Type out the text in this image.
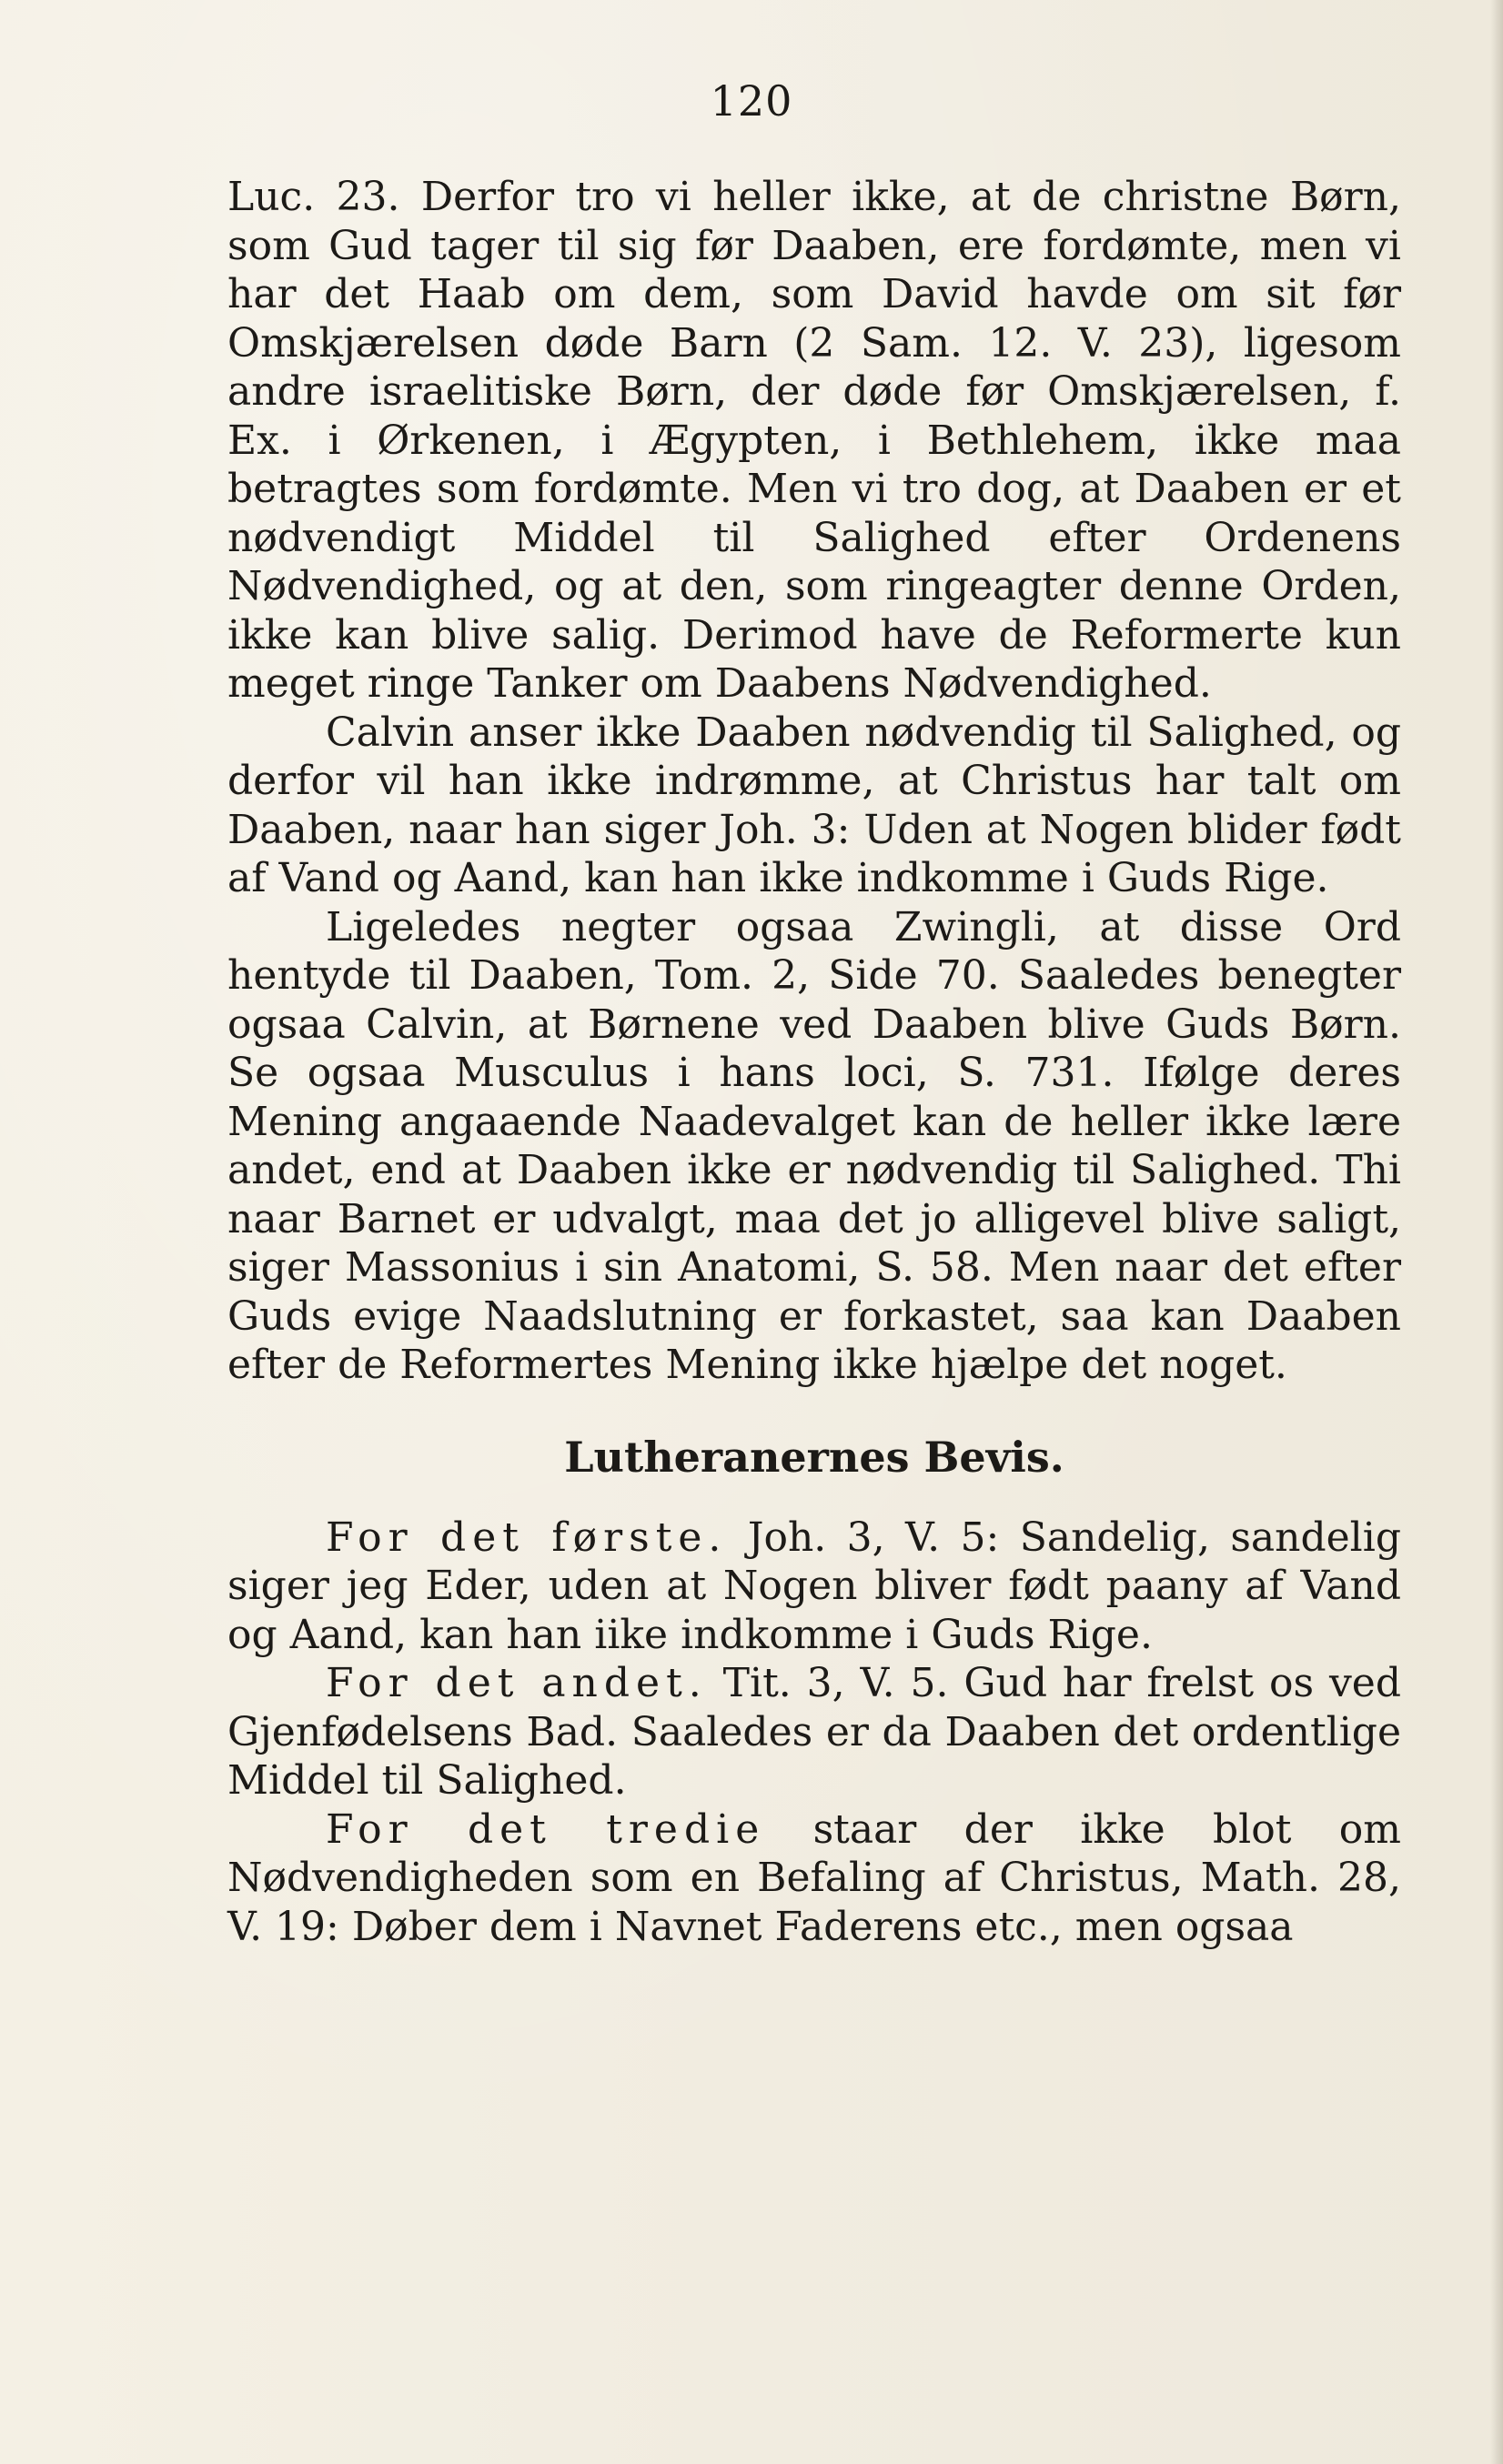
120

Luc. 23. Derfor tro vi heller ikke, at de christne Børn, som Gud tager til sig før Daaben, ere fordømte, men vi har det Haab om dem, som David havde om sit før Omskjærelsen døde Barn (2 Sam. 12. V. 23), ligesom andre israelitiske Børn, der døde før Omskjærelsen, f. Ex. i Ørkenen, i Ægypten, i Bethlehem, ikke maa betragtes som fordømte. Men vi tro dog, at Daaben er et nødvendigt Middel til Salighed efter Ordenens Nødvendighed, og at den, som ringeagter denne Orden, ikke kan blive salig. Derimod have de Reformerte kun meget ringe Tanker om Daabens Nødvendighed.

Calvin anser ikke Daaben nødvendig til Salighed, og derfor vil han ikke indrømme, at Christus har talt om Daaben, naar han siger Joh. 3: Uden at Nogen blider født af Vand og Aand, kan han ikke indkomme i Guds Rige.

Ligeledes negter ogsaa Zwingli, at disse Ord hentyde til Daaben, Tom. 2, Side 70. Saaledes benegter ogsaa Calvin, at Børnene ved Daaben blive Guds Børn. Se ogsaa Musculus i hans loci, S. 731. Ifølge deres Mening angaaende Naadevalget kan de heller ikke lære andet, end at Daaben ikke er nødvendig til Salighed. Thi naar Barnet er udvalgt, maa det jo alligevel blive saligt, siger Massonius i sin Anatomi, S. 58. Men naar det efter Guds evige Naadslutning er forkastet, saa kan Daaben efter de Reformertes Mening ikke hjælpe det noget.

Lutheranernes Bevis.

For det første. Joh. 3, V. 5: Sandelig, sandelig siger jeg Eder, uden at Nogen bliver født paany af Vand og Aand, kan han iike indkomme i Guds Rige.

For det andet. Tit. 3, V. 5. Gud har frelst os ved Gjenfødelsens Bad. Saaledes er da Daaben det ordentlige Middel til Salighed.

For det tredie staar der ikke blot om Nødvendigheden som en Befaling af Christus, Math. 28, V. 19: Døber dem i Navnet Faderens etc., men ogsaa
